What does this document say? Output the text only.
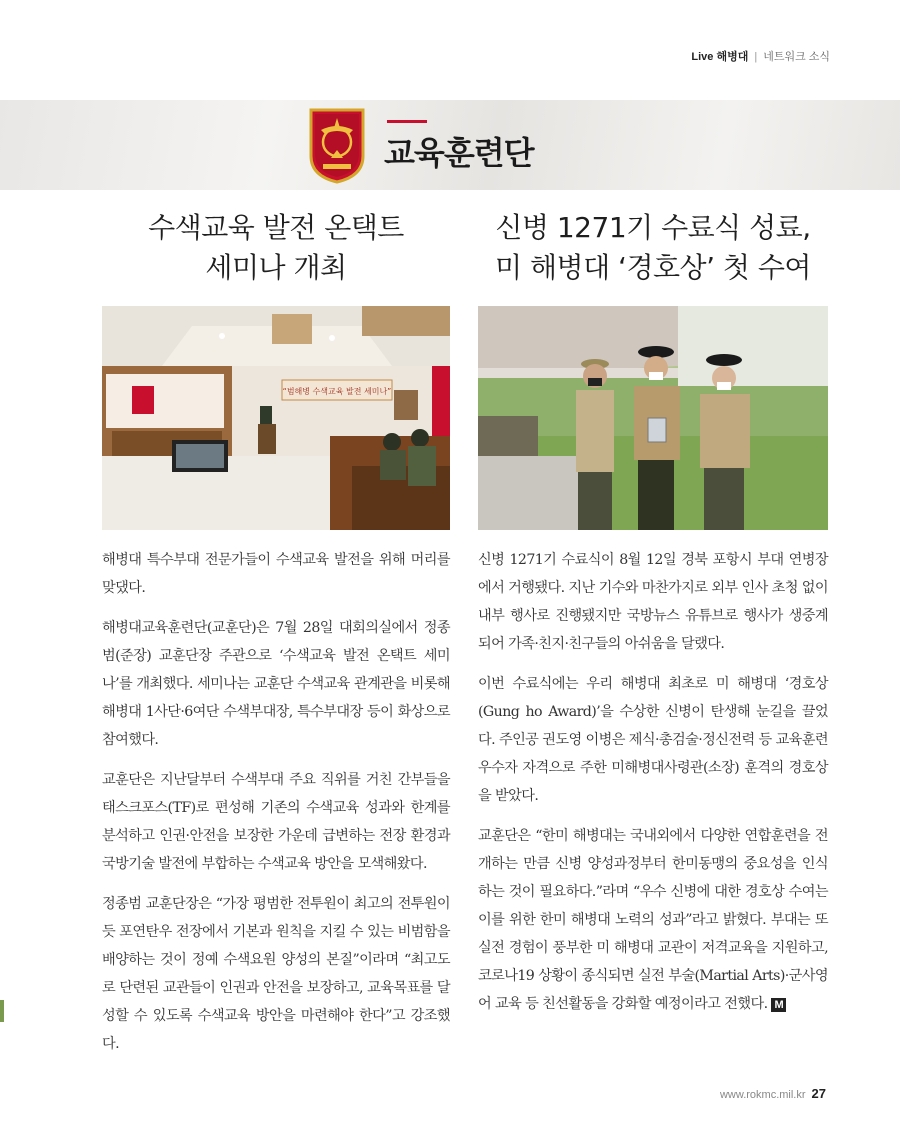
Live 해병대 | 네트워크 소식
교육훈련단
수색교육 발전 온택트
세미나 개최
신병 1271기 수료식 성료,
미 해병대 ‘경호상’ 첫 수여
“범해병 수색교육 발전 세미나”

해병대 특수부대 전문가들이 수색교육 발전을 위해 머리를 맞댔다.

해병대교육훈련단(교훈단)은 7월 28일 대회의실에서 정종범(준장) 교훈단장 주관으로 ‘수색교육 발전 온택트 세미나’를 개최했다. 세미나는 교훈단 수색교육 관계관을 비롯해 해병대 1사단·6여단 수색부대장, 특수부대장 등이 화상으로 참여했다.

교훈단은 지난달부터 수색부대 주요 직위를 거친 간부들을 태스크포스(TF)로 편성해 기존의 수색교육 성과와 한계를 분석하고 인권·안전을 보장한 가운데 급변하는 전장 환경과 국방기술 발전에 부합하는 수색교육 방안을 모색해왔다.

정종범 교훈단장은 “가장 평범한 전투원이 최고의 전투원이 듯 포연탄우 전장에서 기본과 원칙을 지킬 수 있는 비범함을 배양하는 것이 정예 수색요원 양성의 본질”이라며 “최고도로 단련된 교관들이 인권과 안전을 보장하고, 교육목표를 달성할 수 있도록 수색교육 방안을 마련해야 한다”고 강조했다.

신병 1271기 수료식이 8월 12일 경북 포항시 부대 연병장에서 거행됐다. 지난 기수와 마찬가지로 외부 인사 초청 없이 내부 행사로 진행됐지만 국방뉴스 유튜브로 행사가 생중계되어 가족·친지·친구들의 아쉬움을 달랬다.

이번 수료식에는 우리 해병대 최초로 미 해병대 ‘경호상(Gung ho Award)’을 수상한 신병이 탄생해 눈길을 끌었다. 주인공 권도영 이병은 제식·총검술·정신전력 등 교육훈련 우수자 자격으로 주한 미해병대사령관(소장) 훈격의 경호상을 받았다.

교훈단은 “한미 해병대는 국내외에서 다양한 연합훈련을 전개하는 만큼 신병 양성과정부터 한미동맹의 중요성을 인식하는 것이 필요하다.”라며 “우수 신병에 대한 경호상 수여는 이를 위한 한미 해병대 노력의 성과”라고 밝혔다. 부대는 또 실전 경험이 풍부한 미 해병대 교관이 저격교육을 지원하고, 코로나19 상황이 종식되면 실전 부술(Martial Arts)·군사영어 교육 등 친선활동을 강화할 예정이라고 전했다. M

www.rokmc.mil.kr 27
